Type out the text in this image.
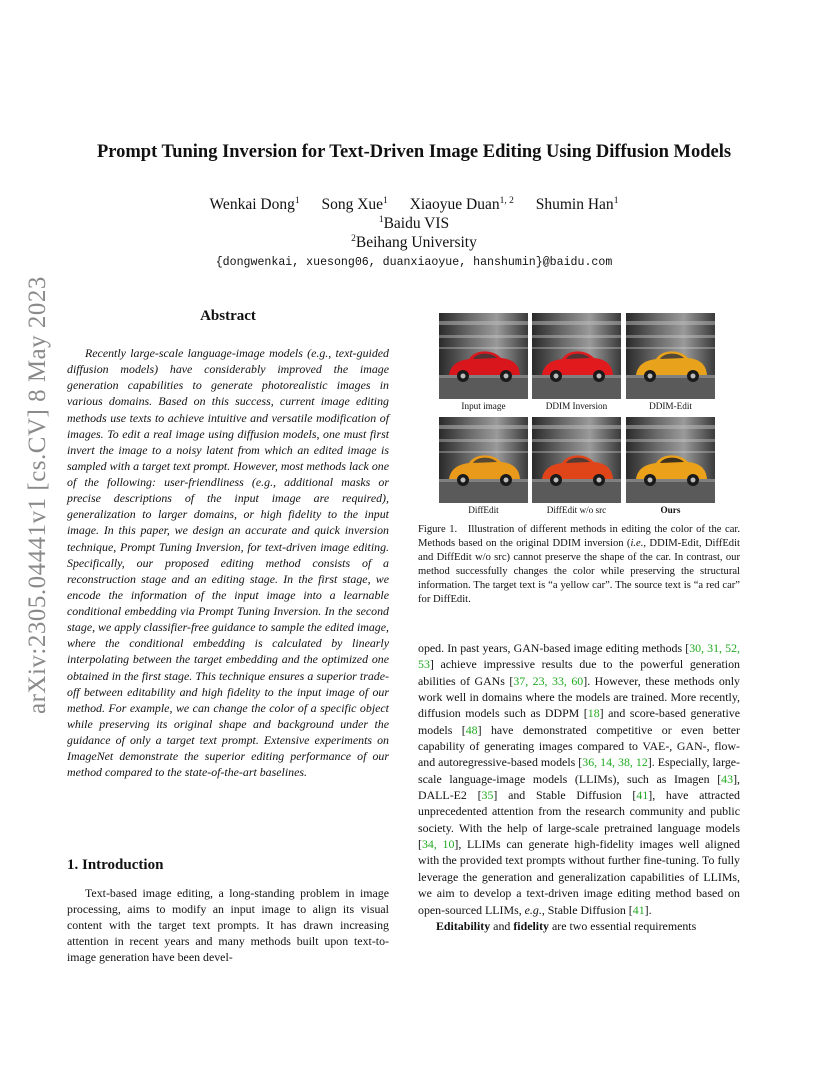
arXiv:2305.04441v1 [cs.CV] 8 May 2023
Prompt Tuning Inversion for Text-Driven Image Editing Using Diffusion Models
Wenkai Dong$^1$ Song Xue$^1$ Xiaoyue Duan$^{1, 2}$ Shumin Han$^1$
$^1$Baidu VIS
$^2$Beihang University
{dongwenkai, xuesong06, duanxiaoyue, hanshumin}@baidu.com
Abstract
Recently large-scale language-image models (e.g., text-guided diffusion models) have considerably improved the image generation capabilities to generate photorealistic images in various domains. Based on this success, current image editing methods use texts to achieve intuitive and versatile modification of images. To edit a real image using diffusion models, one must first invert the image to a noisy latent from which an edited image is sampled with a target text prompt. However, most methods lack one of the following: user-friendliness (e.g., additional masks or precise descriptions of the input image are required), generalization to larger domains, or high fidelity to the input image. In this paper, we design an accurate and quick inversion technique, Prompt Tuning Inversion, for text-driven image editing. Specifically, our proposed editing method consists of a reconstruction stage and an editing stage. In the first stage, we encode the information of the input image into a learnable conditional embedding via Prompt Tuning Inversion. In the second stage, we apply classifier-free guidance to sample the edited image, where the conditional embedding is calculated by linearly interpolating between the target embedding and the optimized one obtained in the first stage. This technique ensures a superior trade-off between editability and high fidelity to the input image of our method. For example, we can change the color of a specific object while preserving its original shape and background under the guidance of only a target text prompt. Extensive experiments on ImageNet demonstrate the superior editing performance of our method compared to the state-of-the-art baselines.
1. Introduction
Text-based image editing, a long-standing problem in image processing, aims to modify an input image to align its visual content with the target text prompts. It has drawn increasing attention in recent years and many methods built upon text-to-image generation have been devel-
Input image	DDIM Inversion	DDIM-Edit
DiffEdit	DiffEdit w/o src	Ours
Figure 1. Illustration of different methods in editing the color of the car. Methods based on the original DDIM inversion (i.e., DDIM-Edit, DiffEdit and DiffEdit w/o src) cannot preserve the shape of the car. In contrast, our method successfully changes the color while preserving the structural information. The target text is “a yellow car”. The source text is “a red car” for DiffEdit.

oped. In past years, GAN-based image editing methods [30, 31, 52, 53] achieve impressive results due to the powerful generation abilities of GANs [37, 23, 33, 60]. However, these methods only work well in domains where the models are trained. More recently, diffusion models such as DDPM [18] and score-based generative models [48] have demonstrated competitive or even better capability of generating images compared to VAE-, GAN-, flow- and autoregressive-based models [36, 14, 38, 12]. Especially, large-scale language-image models (LLIMs), such as Imagen [43], DALL-E2 [35] and Stable Diffusion [41], have attracted unprecedented attention from the research community and public society. With the help of large-scale pretrained language models [34, 10], LLIMs can generate high-fidelity images well aligned with the provided text prompts without further fine-tuning. To fully leverage the generation and generalization capabilities of LLIMs, we aim to develop a text-driven image editing method based on open-sourced LLIMs, e.g., Stable Diffusion [41].

Editability and fidelity are two essential requirements
